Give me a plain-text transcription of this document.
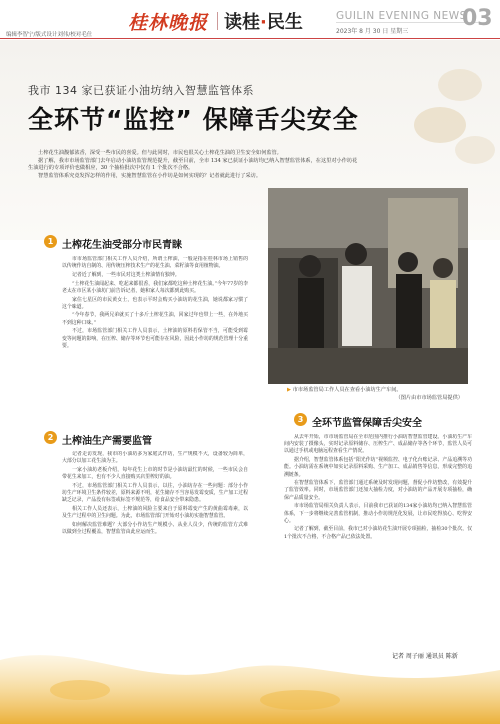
编辑李智宁/版式设计刘伟/校对毛仕
桂林晚报 读桂·民生	GUILIN EVENING NEWS
2023年 8 月 30 日 星期三
03
我市 134 家已获证小油坊纳入智慧监管体系
全环节“监控” 保障舌尖安全

土榨花生油馥郁浓香，深受一些市民的喜爱。但与此同时，市民也很关心土榨花生油的卫生安全如何监管。

据了解，我市市场监管部门去年启动小油坊监管规范提升，截至目前，全市 134 家已获证小油坊均已纳入智慧监管体系，在这里对小作坊花生油进行的专项评价也做相应，30 个抽检批次中仅有 1 个批次不合格。

智慧监管体系究竟发挥怎样的作用，实施智慧监管在小作坊是如何实现的？记者就此进行了采访。

1 土榨花生油受部分市民青睐

市市场监管部门相关工作人员介绍，所谓土榨油，一般是指在桂林市场上销售的以传统作坊自制的、用传统压榨技术生产的花生油、菜籽油等食用植物油。

记者近了解到，一些市民对这类土榨油情有独钟。

“土榨花生油闻起来、吃起来都很香，我们家都吃这种土榨花生油。”今年77岁的李老太在市区某小油坊门前告诉记者，她和家人每次都到此购买。

家住七星区的市民黄女士，也表示平时会购买小油坊的花生油，她说都家习惯了这个味道。

“今年春节，我两兄弟就买了十多斤土榨花生油，回家过年也带上一些，在外地买不到这种口味。”

不过，市场监管部门相关工作人员表示，土榨油的原料若保管不当，可能受到霉变等问题的影响，在压榨、储存等环节也可能存在风险，因此小作坊的规范管理十分重要。

2 土榨油生产需要监管

记者走访发现，我市的小油坊多为家庭式作坊，生产规模不大，设备较为简单，大部分以加工花生油为主。

一家小油坊老板介绍，每年花生上市的时节是小油坊最忙的时候，一些市民会自带花生来加工，也有不少人直接购买店里榨好的油。

不过，市场监管部门相关工作人员表示，以往，小油坊存在一些问题：部分小作坊生产环境卫生条件较差，原料来源不明，花生储存不当容易发霉变质，生产加工过程缺乏记录，产品没有标签或标签不规范等，给食品安全带来隐患。

相关工作人员还表示，土榨油的风险主要来自于原料霉变产生的黄曲霉毒素，以及生产过程中的卫生问题。为此，市场监管部门开始对小油坊实施智慧监管。

如何解决监管难题？大部分小作坊生产规模小、从业人员少，传统的监管方式难以做到全过程覆盖，智慧监管由此应运而生。

▶ 市市场监管局工作人员在查看小油坊生产车间。
（图片由市市场监管局提供）
3 全环节监管保障舌尖安全

从去年开始，市市场监管局在全市范围内推行小油坊智慧监管建设。小油坊生产车间内安装了摄像头，实时记录原料储存、压榨生产、成品储存等各个环节，监管人员可以通过手机或电脑远程查看生产情况。

据介绍，智慧监管体系包括“阳光作坊”视频监控、电子化台账记录、产品追溯等功能。小油坊需在系统中如实记录原料采购、生产加工、成品销售等信息，形成完整的追溯链条。

在智慧监管体系下，监管部门通过系统及时发现问题，督促小作坊整改，有效提升了监管效率。同时，市场监管部门还加大抽检力度，对小油坊的产品开展专项抽检，确保产品质量安全。

市市场监管局相关负责人表示，目前我市已获证的134家小油坊均已纳入智慧监管体系，下一步将继续完善监管机制，推动小作坊规范化发展，让市民吃得放心、吃得安心。

记者了解到，截至目前，我市已对小油坊花生油开展专项抽检，抽检30个批次，仅1个批次不合格，不合格产品已依法处置。

记者 周子丽 通讯员 陈新
